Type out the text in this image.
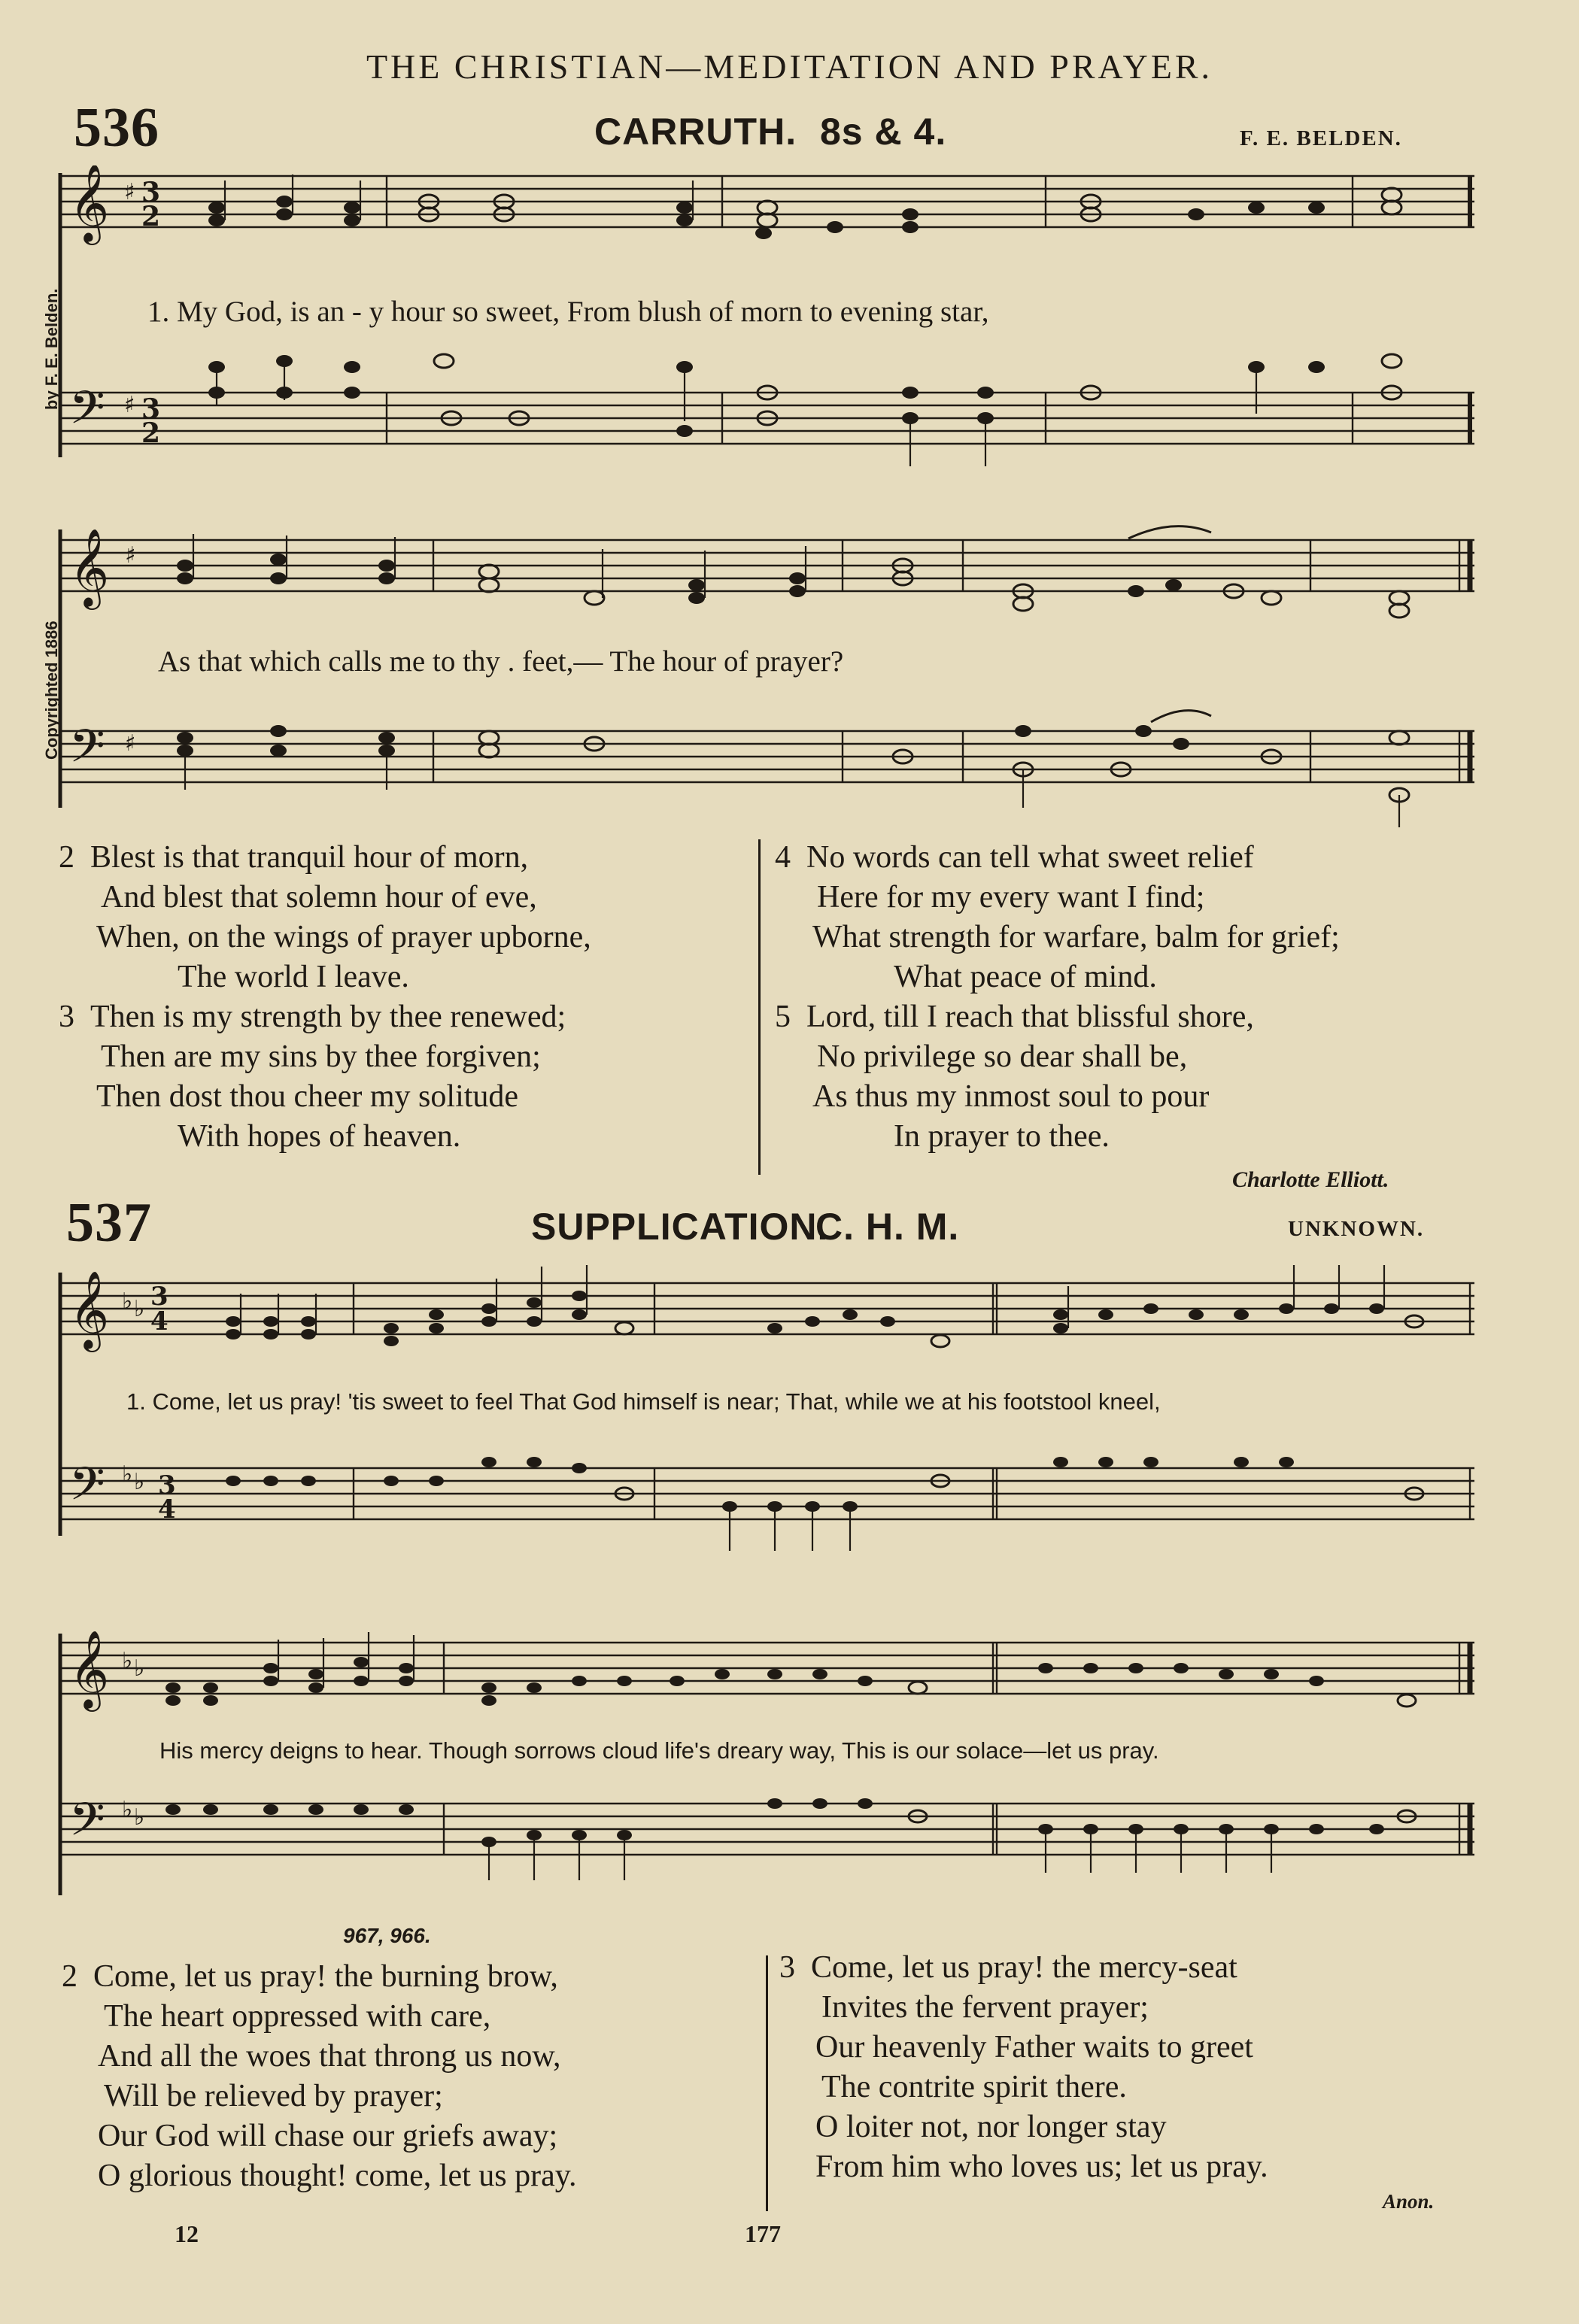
THE CHRISTIAN—MEDITATION AND PRAYER.
536	CARRUTH. 8s & 4.	F. E. BELDEN.
by F. E. Belden.
Copyrighted 1886
𝄞
𝄢
♯
♯
3
2
3
2
1. My God, is an - y hour so sweet, From blush of morn to evening star,
𝄞
𝄢
♯
♯
As that which calls me to thy . feet,— The hour of prayer?
2 Blest is that tranquil hour of morn,
And blest that solemn hour of eve,
When, on the wings of prayer upborne,
The world I leave.
3 Then is my strength by thee renewed;
Then are my sins by thee forgiven;
Then dost thou cheer my solitude
With hopes of heaven.
4 No words can tell what sweet relief
Here for my every want I find;
What strength for warfare, balm for grief;
What peace of mind.
5 Lord, till I reach that blissful shore,
No privilege so dear shall be,
As thus my inmost soul to pour
In prayer to thee.
Charlotte Elliott.
537	SUPPLICATION.
C. H. M.	UNKNOWN.
𝄞
𝄢
♭ ♭
♭ ♭
3
4
3
4
1. Come, let us pray! 'tis sweet to feel That God himself is near; That, while we at his footstool kneel,
𝄞
𝄢
♭ ♭
♭ ♭
His mercy deigns to hear. Though sorrows cloud life's dreary way, This is our solace—let us pray.
967, 966.
2 Come, let us pray! the burning brow,
The heart oppressed with care,
And all the woes that throng us now,
Will be relieved by prayer;
Our God will chase our griefs away;
O glorious thought! come, let us pray.
3 Come, let us pray! the mercy-seat
Invites the fervent prayer;
Our heavenly Father waits to greet
The contrite spirit there.
O loiter not, nor longer stay
From him who loves us; let us pray.
Anon.
12	177
